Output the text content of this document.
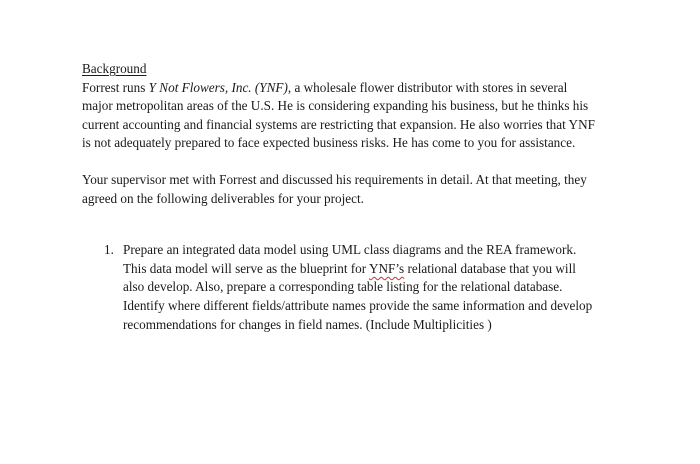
Background

Forrest runs Y Not Flowers, Inc. (YNF), a wholesale flower distributor with stores in several
major metropolitan areas of the U.S. He is considering expanding his business, but he thinks his
current accounting and financial systems are restricting that expansion. He also worries that YNF
is not adequately prepared to face expected business risks. He has come to you for assistance.

Your supervisor met with Forrest and discussed his requirements in detail. At that meeting, they
agreed on the following deliverables for your project.

1. Prepare an integrated data model using UML class diagrams and the REA framework.
This data model will serve as the blueprint for YNF’s relational database that you will
also develop. Also, prepare a corresponding table listing for the relational database.
Identify where different fields/attribute names provide the same information and develop
recommendations for changes in field names. (Include Multiplicities )
